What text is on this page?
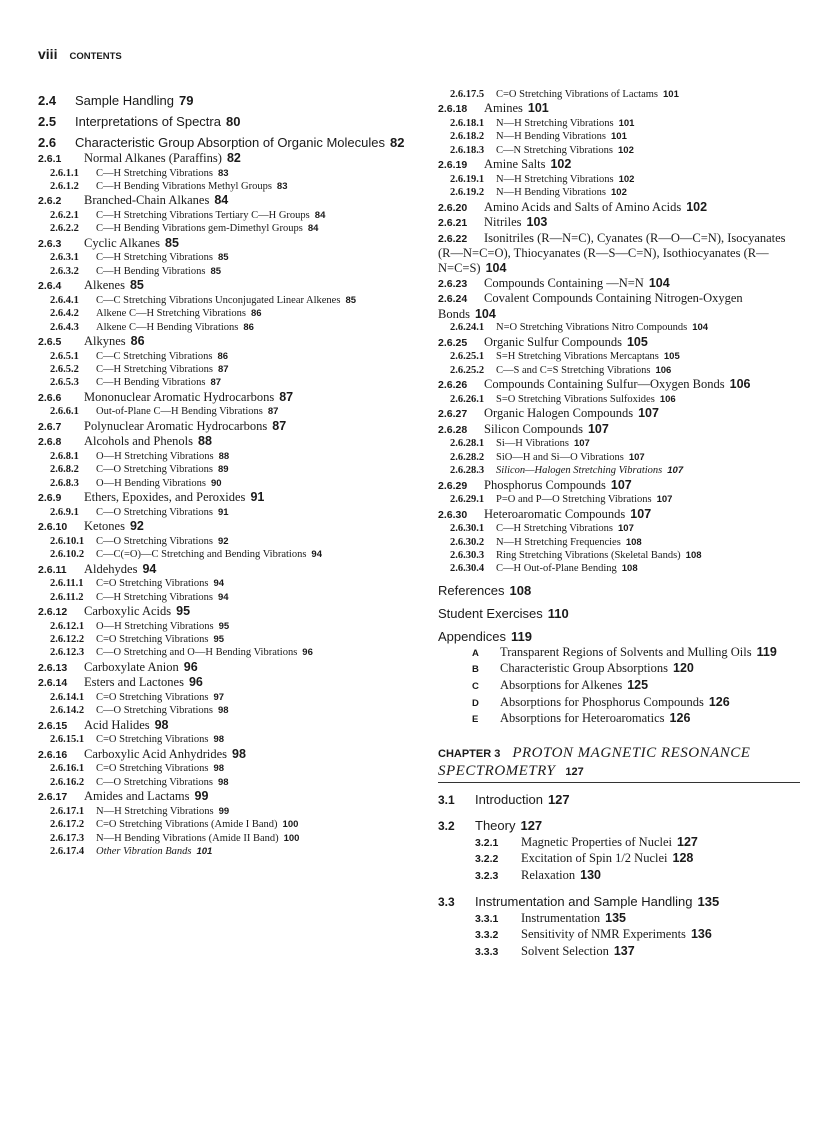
viii CONTENTS
2.4 Sample Handling 79
2.5 Interpretations of Spectra 80
2.6 Characteristic Group Absorption of Organic Molecules 82
2.6.1 Normal Alkanes (Paraffins) 82
2.6.1.1 C—H Stretching Vibrations 83
2.6.1.2 C—H Bending Vibrations Methyl Groups 83
2.6.2 Branched-Chain Alkanes 84
2.6.2.1 C—H Stretching Vibrations Tertiary C—H Groups 84
2.6.2.2 C—H Bending Vibrations gem-Dimethyl Groups 84
2.6.3 Cyclic Alkanes 85
2.6.3.1 C—H Stretching Vibrations 85
2.6.3.2 C—H Bending Vibrations 85
2.6.4 Alkenes 85
2.6.4.1 C—C Stretching Vibrations Unconjugated Linear Alkenes 85
2.6.4.2 Alkene C—H Stretching Vibrations 86
2.6.4.3 Alkene C—H Bending Vibrations 86
2.6.5 Alkynes 86
2.6.5.1 C—C Stretching Vibrations 86
2.6.5.2 C—H Stretching Vibrations 87
2.6.5.3 C—H Bending Vibrations 87
2.6.6 Mononuclear Aromatic Hydrocarbons 87
2.6.6.1 Out-of-Plane C—H Bending Vibrations 87
2.6.7 Polynuclear Aromatic Hydrocarbons 87
2.6.8 Alcohols and Phenols 88
2.6.8.1 O—H Stretching Vibrations 88
2.6.8.2 C—O Stretching Vibrations 89
2.6.8.3 O—H Bending Vibrations 90
2.6.9 Ethers, Epoxides, and Peroxides 91
2.6.9.1 C—O Stretching Vibrations 91
2.6.10 Ketones 92
2.6.10.1 C—O Stretching Vibrations 92
2.6.10.2 C—C(=O)—C Stretching and Bending Vibrations 94
2.6.11 Aldehydes 94
2.6.11.1 C=O Stretching Vibrations 94
2.6.11.2 C—H Stretching Vibrations 94
2.6.12 Carboxylic Acids 95
2.6.12.1 O—H Stretching Vibrations 95
2.6.12.2 C=O Stretching Vibrations 95
2.6.12.3 C—O Stretching and O—H Bending Vibrations 96
2.6.13 Carboxylate Anion 96
2.6.14 Esters and Lactones 96
2.6.14.1 C=O Stretching Vibrations 97
2.6.14.2 C—O Stretching Vibrations 98
2.6.15 Acid Halides 98
2.6.15.1 C=O Stretching Vibrations 98
2.6.16 Carboxylic Acid Anhydrides 98
2.6.16.1 C=O Stretching Vibrations 98
2.6.16.2 C—O Stretching Vibrations 98
2.6.17 Amides and Lactams 99
2.6.17.1 N—H Stretching Vibrations 99
2.6.17.2 C=O Stretching Vibrations (Amide I Band) 100
2.6.17.3 N—H Bending Vibrations (Amide II Band) 100
2.6.17.4 Other Vibration Bands 101
2.6.17.5 C=O Stretching Vibrations of Lactams 101
2.6.18 Amines 101
2.6.18.1 N—H Stretching Vibrations 101
2.6.18.2 N—H Bending Vibrations 101
2.6.18.3 C—N Stretching Vibrations 102
2.6.19 Amine Salts 102
2.6.19.1 N—H Stretching Vibrations 102
2.6.19.2 N—H Bending Vibrations 102
2.6.20 Amino Acids and Salts of Amino Acids 102
2.6.21 Nitriles 103
2.6.22 Isonitriles (R—N=C), Cyanates (R—O—C=N), Isocyanates (R—N=C=O), Thiocyanates (R—S—C=N), Isothiocyanates (R—N=C=S) 104
2.6.23 Compounds Containing —N=N 104
2.6.24 Covalent Compounds Containing Nitrogen-Oxygen Bonds 104
2.6.24.1 N=O Stretching Vibrations Nitro Compounds 104
2.6.25 Organic Sulfur Compounds 105
2.6.25.1 S=H Stretching Vibrations Mercaptans 105
2.6.25.2 C—S and C=S Stretching Vibrations 106
2.6.26 Compounds Containing Sulfur—Oxygen Bonds 106
2.6.26.1 S=O Stretching Vibrations Sulfoxides 106
2.6.27 Organic Halogen Compounds 107
2.6.28 Silicon Compounds 107
2.6.28.1 Si—H Vibrations 107
2.6.28.2 SiO—H and Si—O Vibrations 107
2.6.28.3 Silicon—Halogen Stretching Vibrations 107
2.6.29 Phosphorus Compounds 107
2.6.29.1 P=O and P—O Stretching Vibrations 107
2.6.30 Heteroaromatic Compounds 107
2.6.30.1 C—H Stretching Vibrations 107
2.6.30.2 N—H Stretching Frequencies 108
2.6.30.3 Ring Stretching Vibrations (Skeletal Bands) 108
2.6.30.4 C—H Out-of-Plane Bending 108
References 108
Student Exercises 110
Appendices 119
A Transparent Regions of Solvents and Mulling Oils 119
B Characteristic Group Absorptions 120
C Absorptions for Alkenes 125
D Absorptions for Phosphorus Compounds 126
E Absorptions for Heteroaromatics 126
CHAPTER 3 PROTON MAGNETIC RESONANCE SPECTROMETRY 127
3.1 Introduction 127
3.2 Theory 127
3.2.1 Magnetic Properties of Nuclei 127
3.2.2 Excitation of Spin 1/2 Nuclei 128
3.2.3 Relaxation 130
3.3 Instrumentation and Sample Handling 135
3.3.1 Instrumentation 135
3.3.2 Sensitivity of NMR Experiments 136
3.3.3 Solvent Selection 137
